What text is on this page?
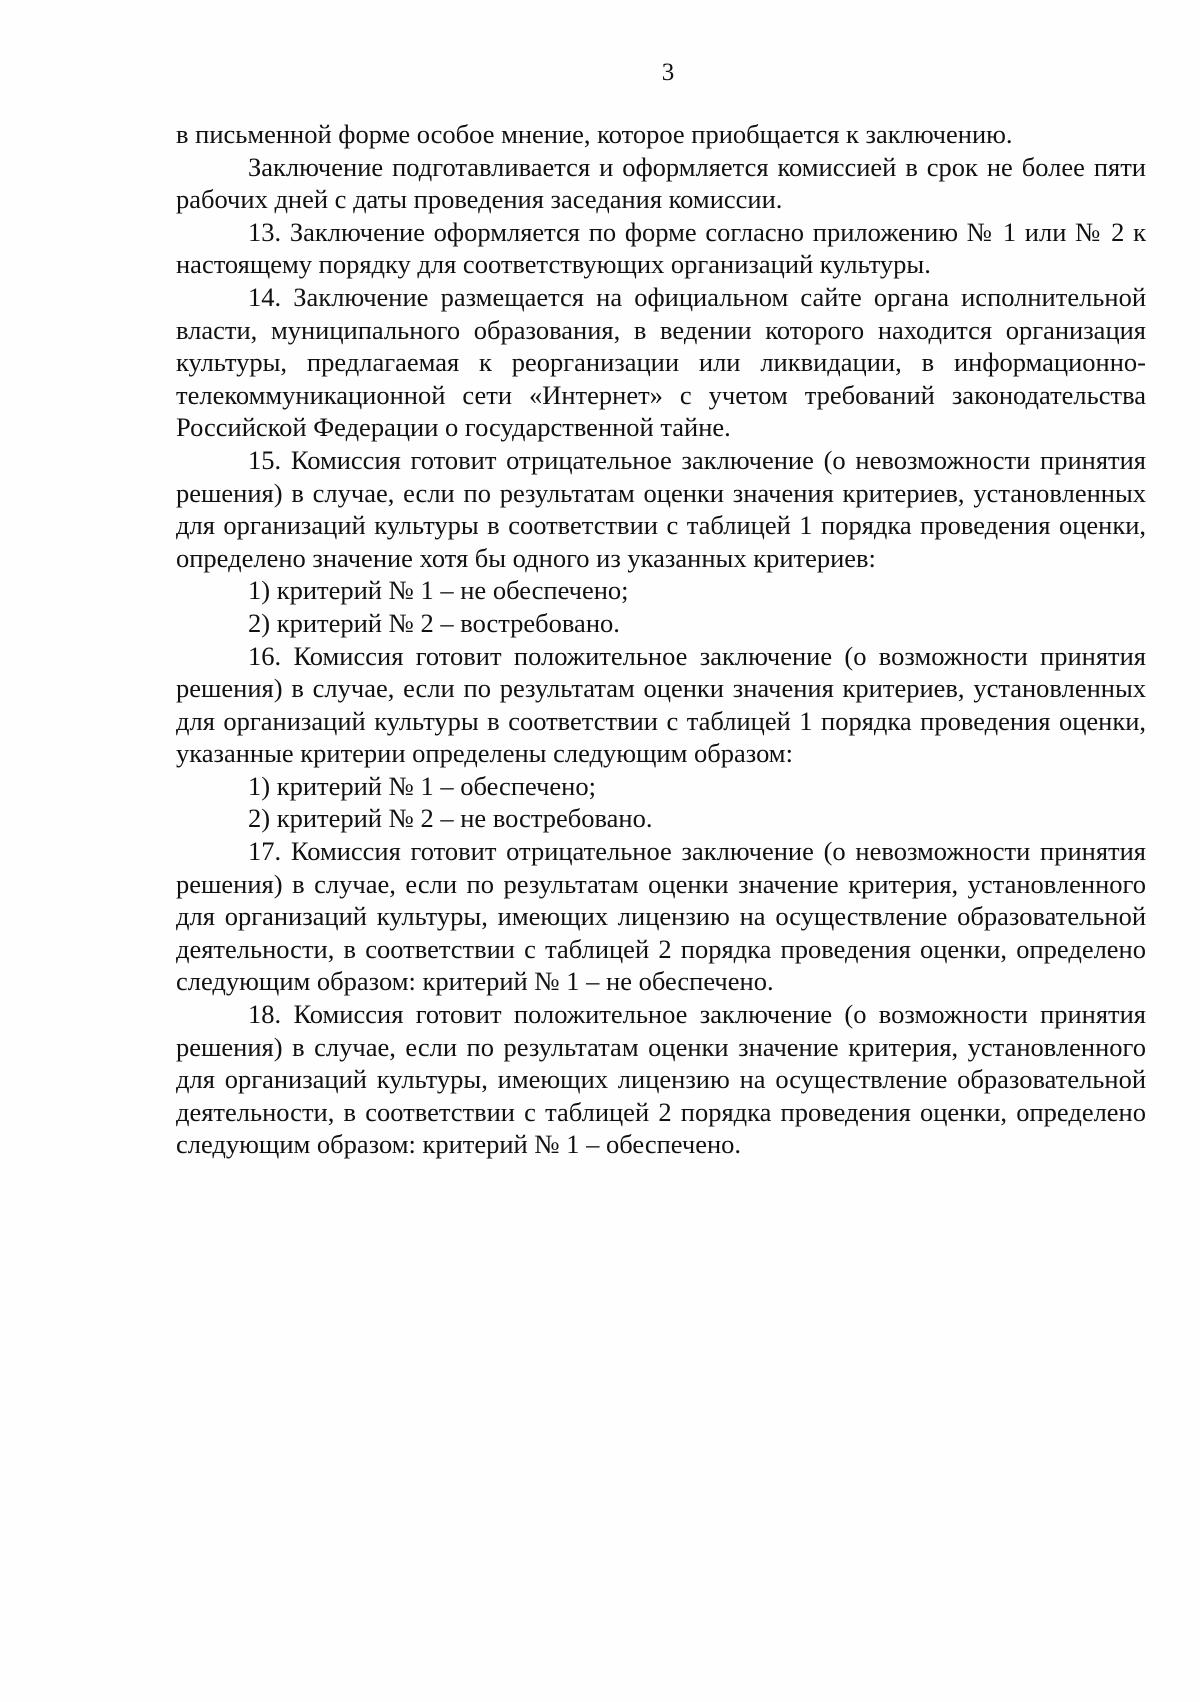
3

в письменной форме особое мнение, которое приобщается к заключению.

Заключение подготавливается и оформляется комиссией в срок не более пяти рабочих дней с даты проведения заседания комиссии.

13. Заключение оформляется по форме согласно приложению № 1 или № 2 к настоящему порядку для соответствующих организаций культуры.

14. Заключение размещается на официальном сайте органа исполнительной власти, муниципального образования, в ведении которого находится организация культуры, предлагаемая к реорганизации или ликвидации, в информационно-телекоммуникационной сети «Интернет» с учетом требований законодательства Российской Федерации о государственной тайне.

15. Комиссия готовит отрицательное заключение (о невозможности принятия решения) в случае, если по результатам оценки значения критериев, установленных для организаций культуры в соответствии с таблицей 1 порядка проведения оценки, определено значение хотя бы одного из указанных критериев:

1) критерий № 1 – не обеспечено;

2) критерий № 2 – востребовано.

16. Комиссия готовит положительное заключение (о возможности принятия решения) в случае, если по результатам оценки значения критериев, установленных для организаций культуры в соответствии с таблицей 1 порядка проведения оценки, указанные критерии определены следующим образом:

1) критерий № 1 – обеспечено;

2) критерий № 2 – не востребовано.

17. Комиссия готовит отрицательное заключение (о невозможности принятия решения) в случае, если по результатам оценки значение критерия, установленного для организаций культуры, имеющих лицензию на осуществление образовательной деятельности, в соответствии с таблицей 2 порядка проведения оценки, определено следующим образом: критерий № 1 – не обеспечено.

18. Комиссия готовит положительное заключение (о возможности принятия решения) в случае, если по результатам оценки значение критерия, установленного для организаций культуры, имеющих лицензию на осуществление образовательной деятельности, в соответствии с таблицей 2 порядка проведения оценки, определено следующим образом: критерий № 1 – обеспечено.
